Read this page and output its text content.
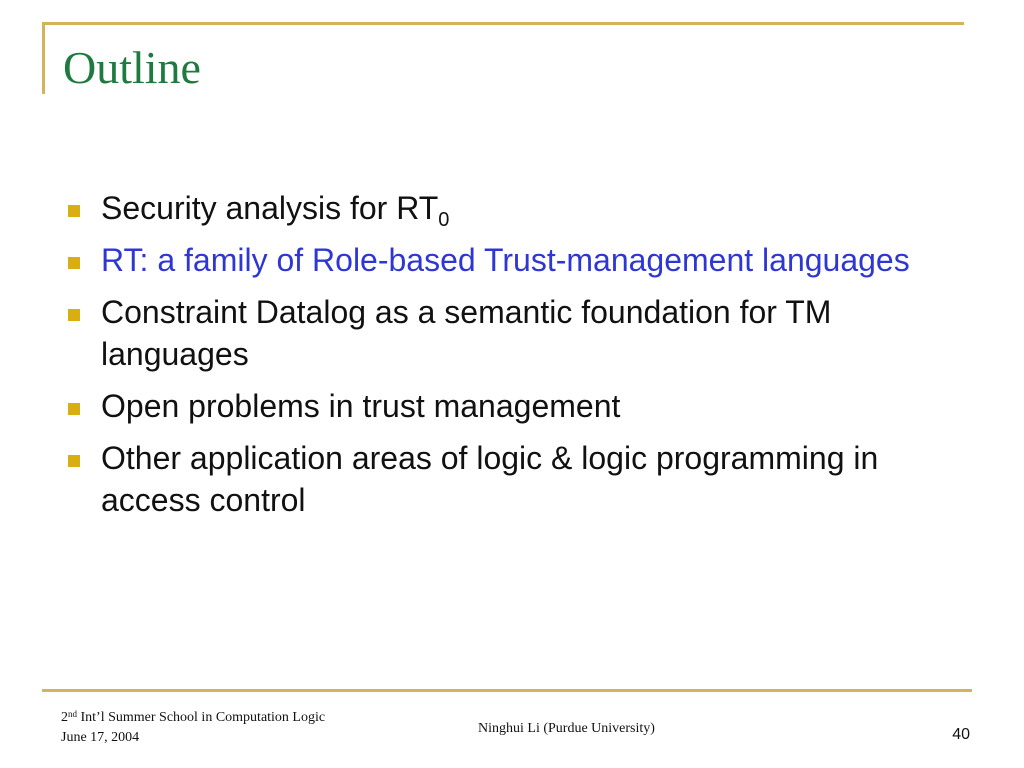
Outline
Security analysis for $RT_0$
RT: a family of Role-based Trust-management languages
Constraint Datalog as a semantic foundation for TM languages
Open problems in trust management
Other application areas of logic & logic programming in access control
2nd Int’l Summer School in Computation Logic
June 17, 2004
Ninghui Li (Purdue University)	40
